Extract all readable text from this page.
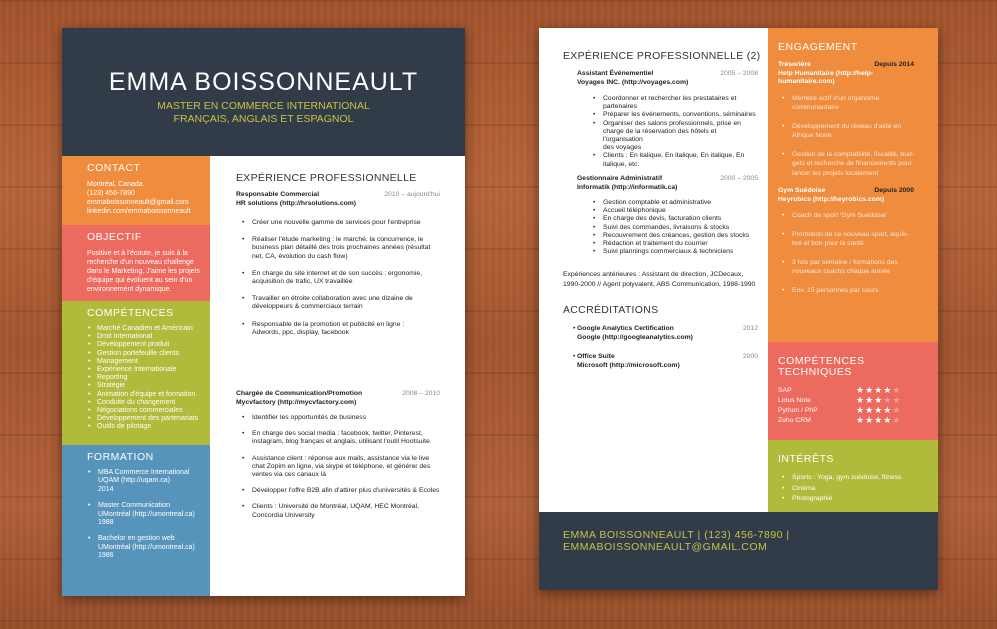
EMMA BOISSONNEAULT
MASTER EN COMMERCE INTERNATIONAL
FRANÇAIS, ANGLAIS ET ESPAGNOL
CONTACT
Montréal, Canada
(123) 456-7890
emmaboissonneault@gmail.com
linkedin.com/emmaboissonneault
OBJECTIF
Positive et à l'écoute, je suis à la
recherche d'un nouveau challenge
dans le Marketing. J'aime les projets
d'équipe qui évoluent au sein d'un
environnement dynamique.
COMPÉTENCES
• Marché Canadien et Américain
• Droit International
• Développement produit
• Gestion portefeuille clients
• Management
• Expérience Internationale
• Reporting
• Stratégie
• Animation d'équipe et formation
• Conduite du changement
• Négociations commerciales
• Développement des partenariats
• Outils de pilotage
FORMATION
• MBA Commerce International
UQAM (http://uqam.ca)
2014
• Master Communication
UMontréal (http://umontreal.ca)
1988
• Bachelor en gestion web
UMontréal (http://umontreal.ca)
1986
EXPÉRIENCE PROFESSIONNELLE
Responsable Commercial
HR solutions (http://hrsolutions.com)
2010 – aujourd'hui
• Créer une nouvelle gamme de services pour l'entreprise
• Réaliser l'étude marketing : le marché, la concurrence, le
business plan détaillé des trois prochaines années (résultat
net, CA, évolution du cash flow)
• En charge du site internet et de son succès : ergonomie,
acquisition de trafic, UX travaillée
• Travailler en étroite collaboration avec une dizaine de
développeurs & commerciaux terrain
• Responsable de la promotion et publicité en ligne :
Adwords, ppc, display, facebook
Chargée de Communication/Promotion
Mycvfactory (http://mycvfactory.com)
2008 – 2010
• Identifier les opportunités de business
• En charge des social media : facebook, twitter, Pinterest,
instagram, blog français et anglais, utilisant l'outil Hootsuite
• Assistance client : réponse aux mails, assistance via le live
chat Zopim en ligne, via skype et téléphone, et générer des
ventes via ces canaux là
• Développer l'offre B2B afin d'attirer plus d'universités & Ecoles
• Clients : Université de Montréal, UQAM, HEC Montréal,
Concordia University
EXPÉRIENCE PROFESSIONNELLE (2)
Assistant Événementiel
Voyages INC. (http://voyages.com)
2005 – 2008
• Coordonner et rechercher les prestataires et
partenaires
• Préparer les événements, conventions, séminaires
• Organiser des salons professionnels, prise en
charge de la réservation des hôtels et l'organisation
des voyages
• Clients : En italique, En italique, En italique, En
italique, etc.
Gestionnaire Administratif
Informatik (http://informatik.ca)
2000 – 2005
• Gestion comptable et administrative
• Accueil téléphonique
• En charge des devis, facturation clients
• Suivi des commandes, livraisons & stocks
• Recouvrement des créances, gestion des stocks
• Rédaction et traitement du courrier
• Suivi plannings commerciaux & techniciens
Expériences antérieures : Assistant de direction, JCDecaux,
1990-2000 // Agent polyvalent, ABS Communication, 1988-1990
ACCRÉDITATIONS
• Google Analytics Certification
Google (http://googleanalytics.com)
2012
• Office Suite
Microsoft (http://microsoft.com)
2000
ENGAGEMENT
Trésorière	Depuis 2014
Help Humanitaire (http://help-humanitaire.com)
• Membre actif d'un organisme
communautaire
• Développement du réseau d'aide en
Afrique Noire
• Gestion de la comptabilité, fiscalité, bud-
gets et recherche de financements pour
lancer les projets localement
Gym Suédoise	Depuis 2000
Heyrobics (http://heyrobics.com)
• Coach de sport 'Gym Suédoise'
• Promotion de ce nouveau sport, équili-
bré et bon pour la santé
• 3 fois par semaine / formations des
nouveaux coachs chaque année
• Env. 15 personnes par cours
COMPÉTENCES
TECHNIQUES
SAP	★★★★★
Lotus Note	★★★★★
Python / PhP	★★★★★
Zoho CRM	★★★★★
INTÉRÊTS
• Sports : Yoga, gym suédoise, fitness
• Cinéma
• Photographie
EMMA BOISSONNEAULT | (123) 456-7890 | EMMABOISSONNEAULT@GMAIL.COM
